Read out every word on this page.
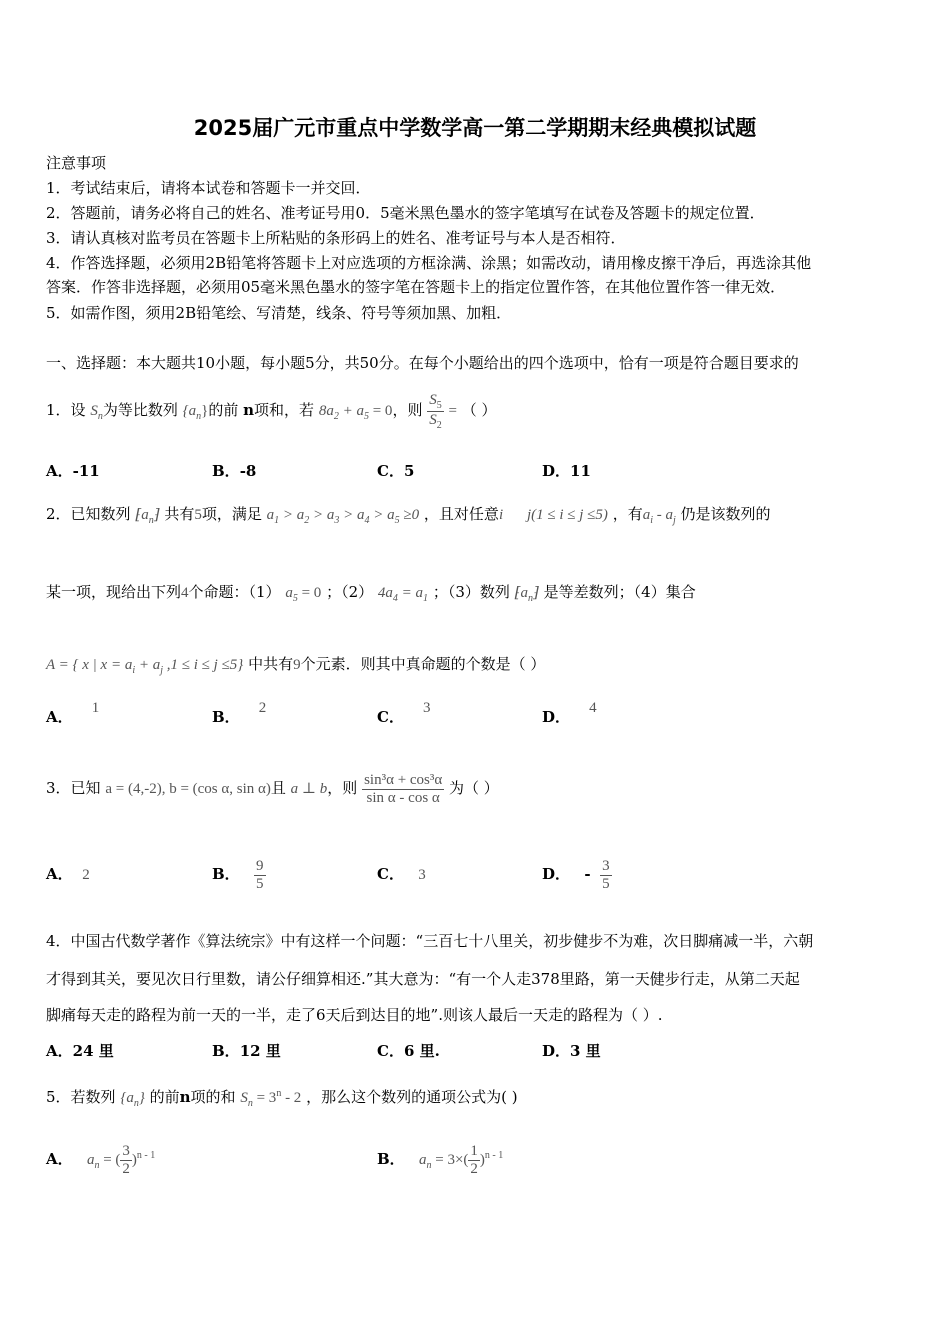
2025届广元市重点中学数学高一第二学期期末经典模拟试题
注意事项
1．考试结束后，请将本试卷和答题卡一并交回．
2．答题前，请务必将自己的姓名、准考证号用0．5毫米黑色墨水的签字笔填写在试卷及答题卡的规定位置．
3．请认真核对监考员在答题卡上所粘贴的条形码上的姓名、准考证号与本人是否相符．
4．作答选择题，必须用2B铅笔将答题卡上对应选项的方框涂满、涂黑；如需改动，请用橡皮擦干净后，再选涂其他
答案．作答非选择题，必须用05毫米黑色墨水的签字笔在答题卡上的指定位置作答，在其他位置作答一律无效．
5．如需作图，须用2B铅笔绘、写清楚，线条、符号等须加黑、加粗．
一、选择题：本大题共10小题，每小题5分，共50分。在每个小题给出的四个选项中，恰有一项是符合题目要求的
1．设 $S_n$为等比数列 $\{a_n\}$的前 n项和，若 $8a_2 + a_5 = 0$，则 $\frac{S_5}{S_2}$ = （ ）
A．-11	B．-8	C．5	D．11
2．已知数列 $⁅a_n⁆$ 共有5项，满足 $a_1 > a_2 > a_3 > a_4 > a_5 \ge 0$ ，且对任意i j(1 ≤ i ≤ j ≤5) ，有$a_i - a_j$ 仍是该数列的
某一项，现给出下列4个命题：（1） $a_5 = 0$ ；（2） $4a_4 = a_1$ ；（3）数列 $⁅a_n⁆$ 是等差数列；（4）集合
A = { x | $x = a_i + a_j$ ,1 ≤ i ≤ j ≤5} 中共有9个元素．则其中真命题的个数是（ ）
A． 1	B． 2	C． 3	D． 4
3．已知 a = (4,-2), b = (cos α, sin α)且 a ⊥ b，则 $\frac{\text{sin³α + cos³α}}{\text{sin α - cos α}}$ 为（ ）
A． 2	B． $\frac{9}{5}$	C． 3	D． - $\frac{3}{5}$
4．中国古代数学著作《算法统宗》中有这样一个问题：“三百七十八里关，初步健步不为难，次日脚痛减一半，六朝
才得到其关，要见次日行里数，请公仔细算相还.”其大意为：“有一个人走378里路，第一天健步行走，从第二天起
脚痛每天走的路程为前一天的一半，走了6天后到达目的地”.则该人最后一天走的路程为（ ）.
A．24 里	B．12 里	C．6 里.	D．3 里
5．若数列 $\{a_n\}$ 的前n项的和 $S_n = 3^n - 2$ ，那么这个数列的通项公式为( )
A． $a_n$ = ( $\frac{3}{2} )^{n - 1}$	B． $a_n = 3\times( \frac{1}{2} )^{n - 1}$
